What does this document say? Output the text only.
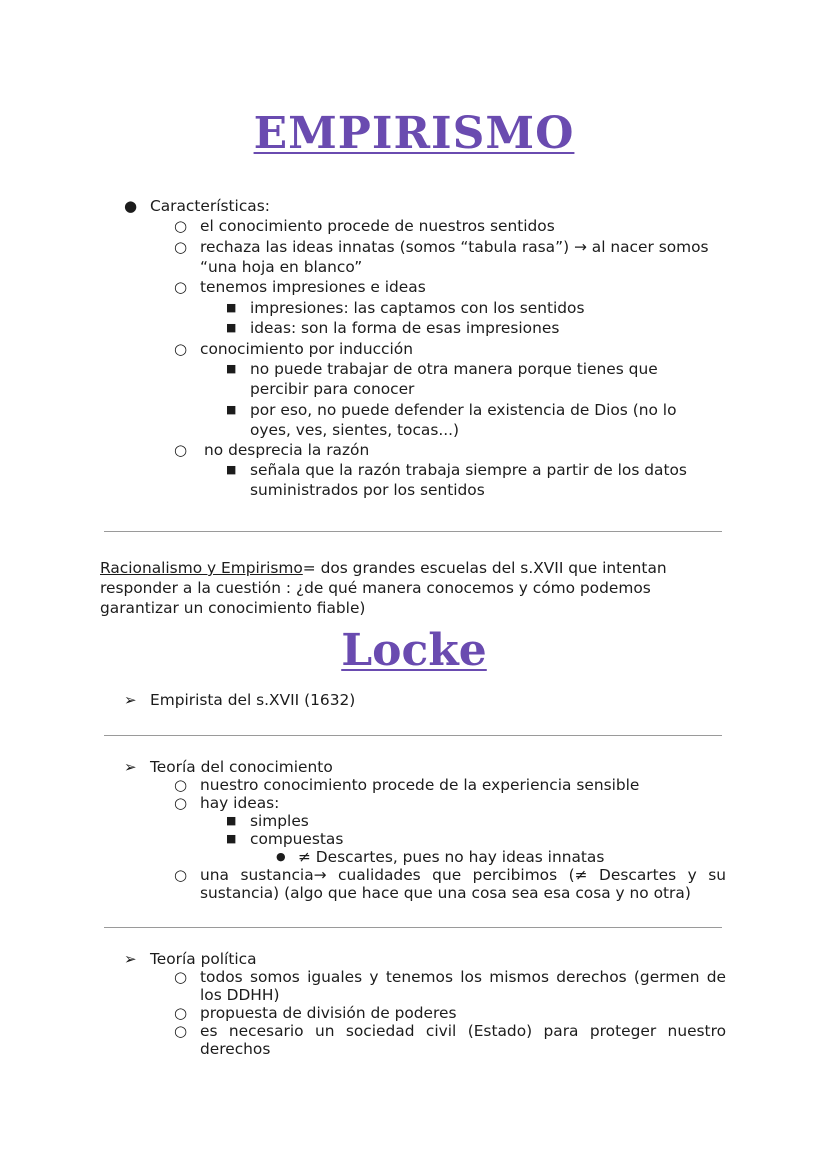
EMPIRISMO
● Características:
○ el conocimiento procede de nuestros sentidos
○ rechaza las ideas innatas (somos “tabula rasa”) → al nacer somos
“una hoja en blanco”
○ tenemos impresiones e ideas
■ impresiones: las captamos con los sentidos
■ ideas: son la forma de esas impresiones
○ conocimiento por inducción
■ no puede trabajar de otra manera porque tienes que
percibir para conocer
■ por eso, no puede defender la existencia de Dios (no lo
oyes, ves, sientes, tocas...)
○ no desprecia la razón
■ señala que la razón trabaja siempre a partir de los datos
suministrados por los sentidos
Racionalismo y Empirismo= dos grandes escuelas del s.XVII que intentan
responder a la cuestión : ¿de qué manera conocemos y cómo podemos
garantizar un conocimiento fiable)
Locke
➢ Empirista del s.XVII (1632)
➢ Teoría del conocimiento
○ nuestro conocimiento procede de la experiencia sensible
○ hay ideas:
■ simples
■ compuestas
● ≠ Descartes, pues no hay ideas innatas
○ una sustancia→ cualidades que percibimos (≠ Descartes y su
sustancia) (algo que hace que una cosa sea esa cosa y no otra)
➢ Teoría política
○ todos somos iguales y tenemos los mismos derechos (germen de
los DDHH)
○ propuesta de división de poderes
○ es necesario un sociedad civil (Estado) para proteger nuestro
derechos
